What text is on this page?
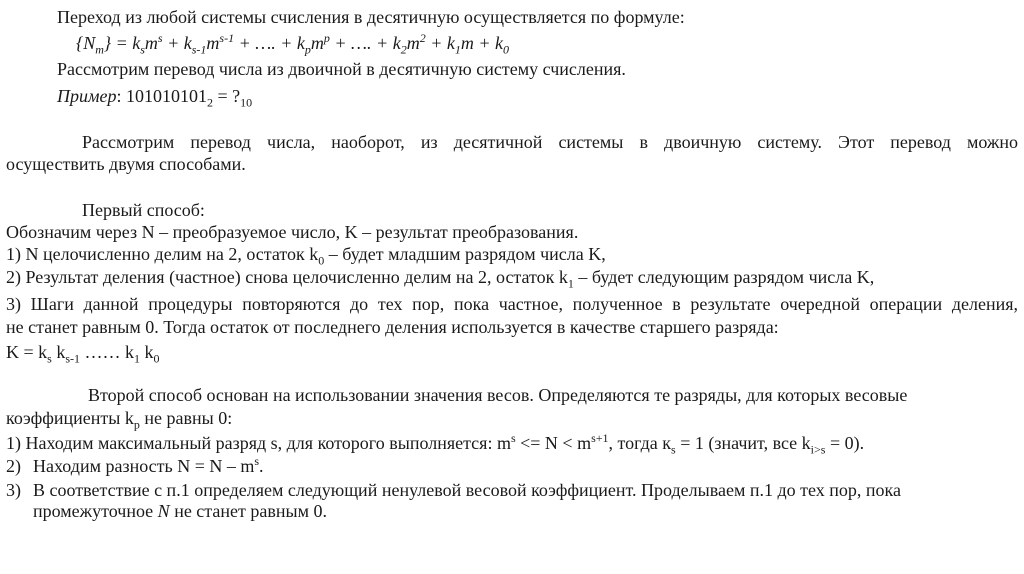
Переход из любой системы счисления в десятичную осуществляется по формуле:
$\{N_m\} = k_sm^s + k_{s-1}m^{s-1}$ + …. + $k_pm^p$ + …. + $k_2m^2 + k_1m + k_0$
Рассмотрим перевод числа из двоичной в десятичную систему счисления.
Пример: $101010101_2$ = $?_{10}$
Рассмотрим перевод числа, наоборот, из десятичной системы в двоичную систему. Этот перевод можно
осуществить двумя способами.
Первый способ:
Обозначим через N – преобразуемое число, K – результат преобразования.
1) N целочисленно делим на 2, остаток $k_0$ – будет младшим разрядом числа K,
2) Результат деления (частное) снова целочисленно делим на 2, остаток $k_1$ – будет следующим разрядом числа K,
3) Шаги данной процедуры повторяются до тех пор, пока частное, полученное в результате очередной операции деления,
не станет равным 0. Тогда остаток от последнего деления используется в качестве старшего разряда:
$K = k_s$ $k_{s-1}$ …… $k_1$ $k_0$
Второй способ основан на использовании значения весов. Определяются те разряды, для которых весовые
коэффициенты $k_p$ не равны 0:
1) Находим максимальный разряд s, для которого выполняется: $m^s <= N < m^{s+1}$, тогда $к_s = 1$ (значит, все $k_{i>s} = 0$).
2) Находим разность $N = N - m^s$.
3) В соответствие с п.1 определяем следующий ненулевой весовой коэффициент. Проделываем п.1 до тех пор, пока
промежуточное N не станет равным 0.
